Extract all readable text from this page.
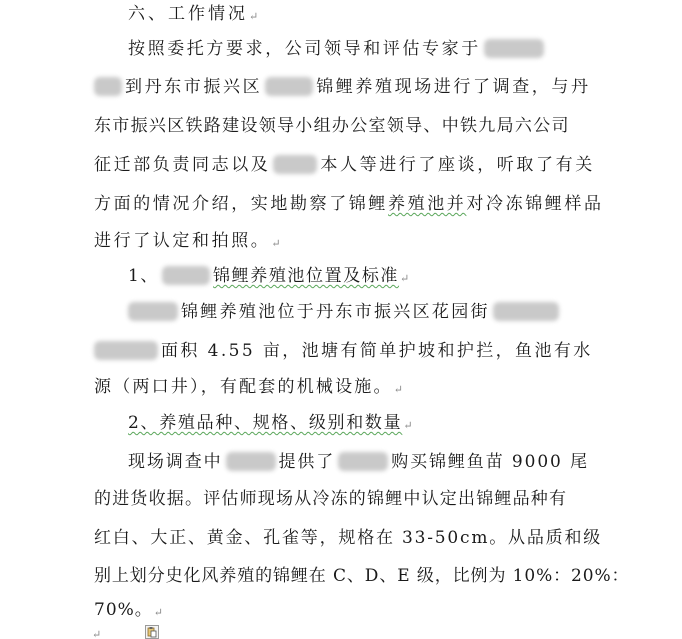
六、工作情况↵
按照委托方要求，公司领导和评估专家于
到丹东市振兴区	锦鲤养殖现场进行了调查，与丹
东市振兴区铁路建设领导小组办公室领导、中铁九局六公司
征迁部负责同志以及	本人等进行了座谈，听取了有关
方面的情况介绍，实地勘察了锦鲤养殖池并对冷冻锦鲤样品
进行了认定和拍照。↵
1、	锦鲤养殖池位置及标准↵
锦鲤养殖池位于丹东市振兴区花园街
面积 4.55 亩，池塘有简单护坡和护拦，鱼池有水
源（两口井），有配套的机械设施。↵
2、养殖品种、规格、级别和数量↵
现场调查中	提供了	购买锦鲤鱼苗 9000 尾
的进货收据。评估师现场从冷冻的锦鲤中认定出锦鲤品种有
红白、大正、黄金、孔雀等，规格在 33-50cm。从品质和级
别上划分史化风养殖的锦鲤在 C、D、E 级，比例为 10%：20%：
70%。↵
↵
